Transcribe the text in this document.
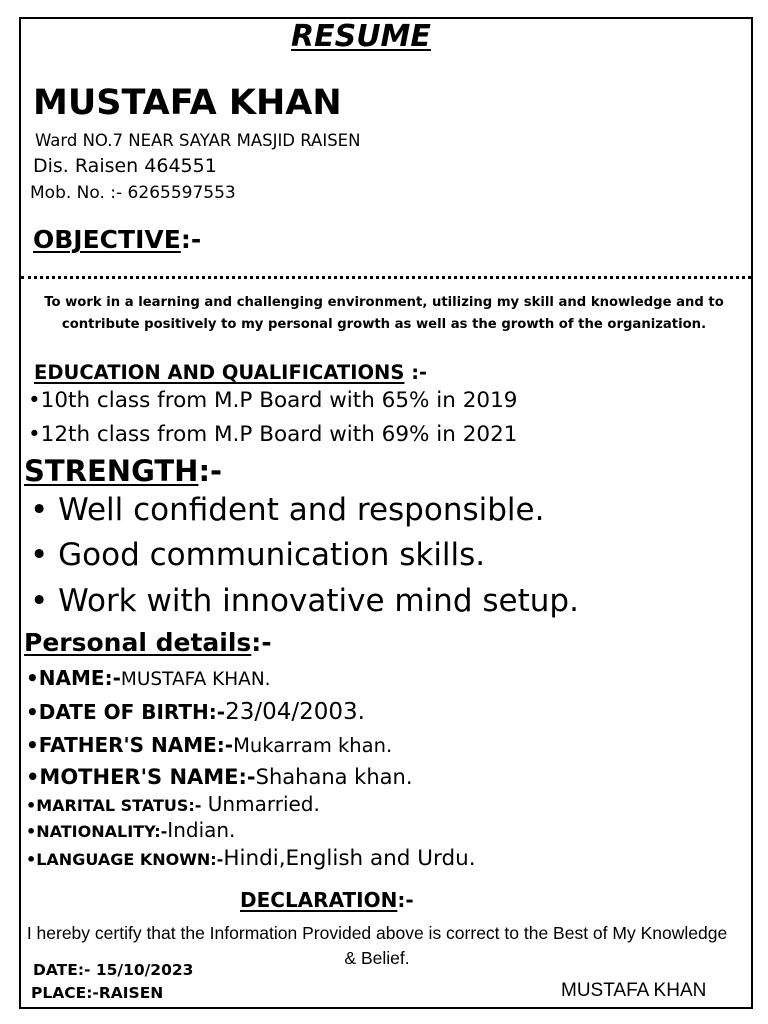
RESUME
MUSTAFA KHAN
Ward NO.7 NEAR SAYAR MASJID RAISEN
Dis. Raisen 464551
Mob. No. :- 6265597553
OBJECTIVE:-
To work in a learning and challenging environment, utilizing my skill and knowledge and to contribute positively to my personal growth as well as the growth of the organization.
EDUCATION AND QUALIFICATIONS :-
•10th class from M.P Board with 65% in 2019
•12th class from M.P Board with 69% in 2021
STRENGTH:-
• Well confident and responsible.
• Good communication skills.
• Work with innovative mind setup.
Personal details:-
•NAME:-MUSTAFA KHAN.
•DATE OF BIRTH:-23/04/2003.
•FATHER'S NAME:-Mukarram khan.
•MOTHER'S NAME:-Shahana khan.
•MARITAL STATUS:- Unmarried.
•NATIONALITY:-Indian.
•LANGUAGE KNOWN:-Hindi,English and Urdu.
DECLARATION:-
I hereby certify that the Information Provided above is correct to the Best of My Knowledge & Belief.
DATE:- 15/10/2023
PLACE:-RAISEN	MUSTAFA KHAN
